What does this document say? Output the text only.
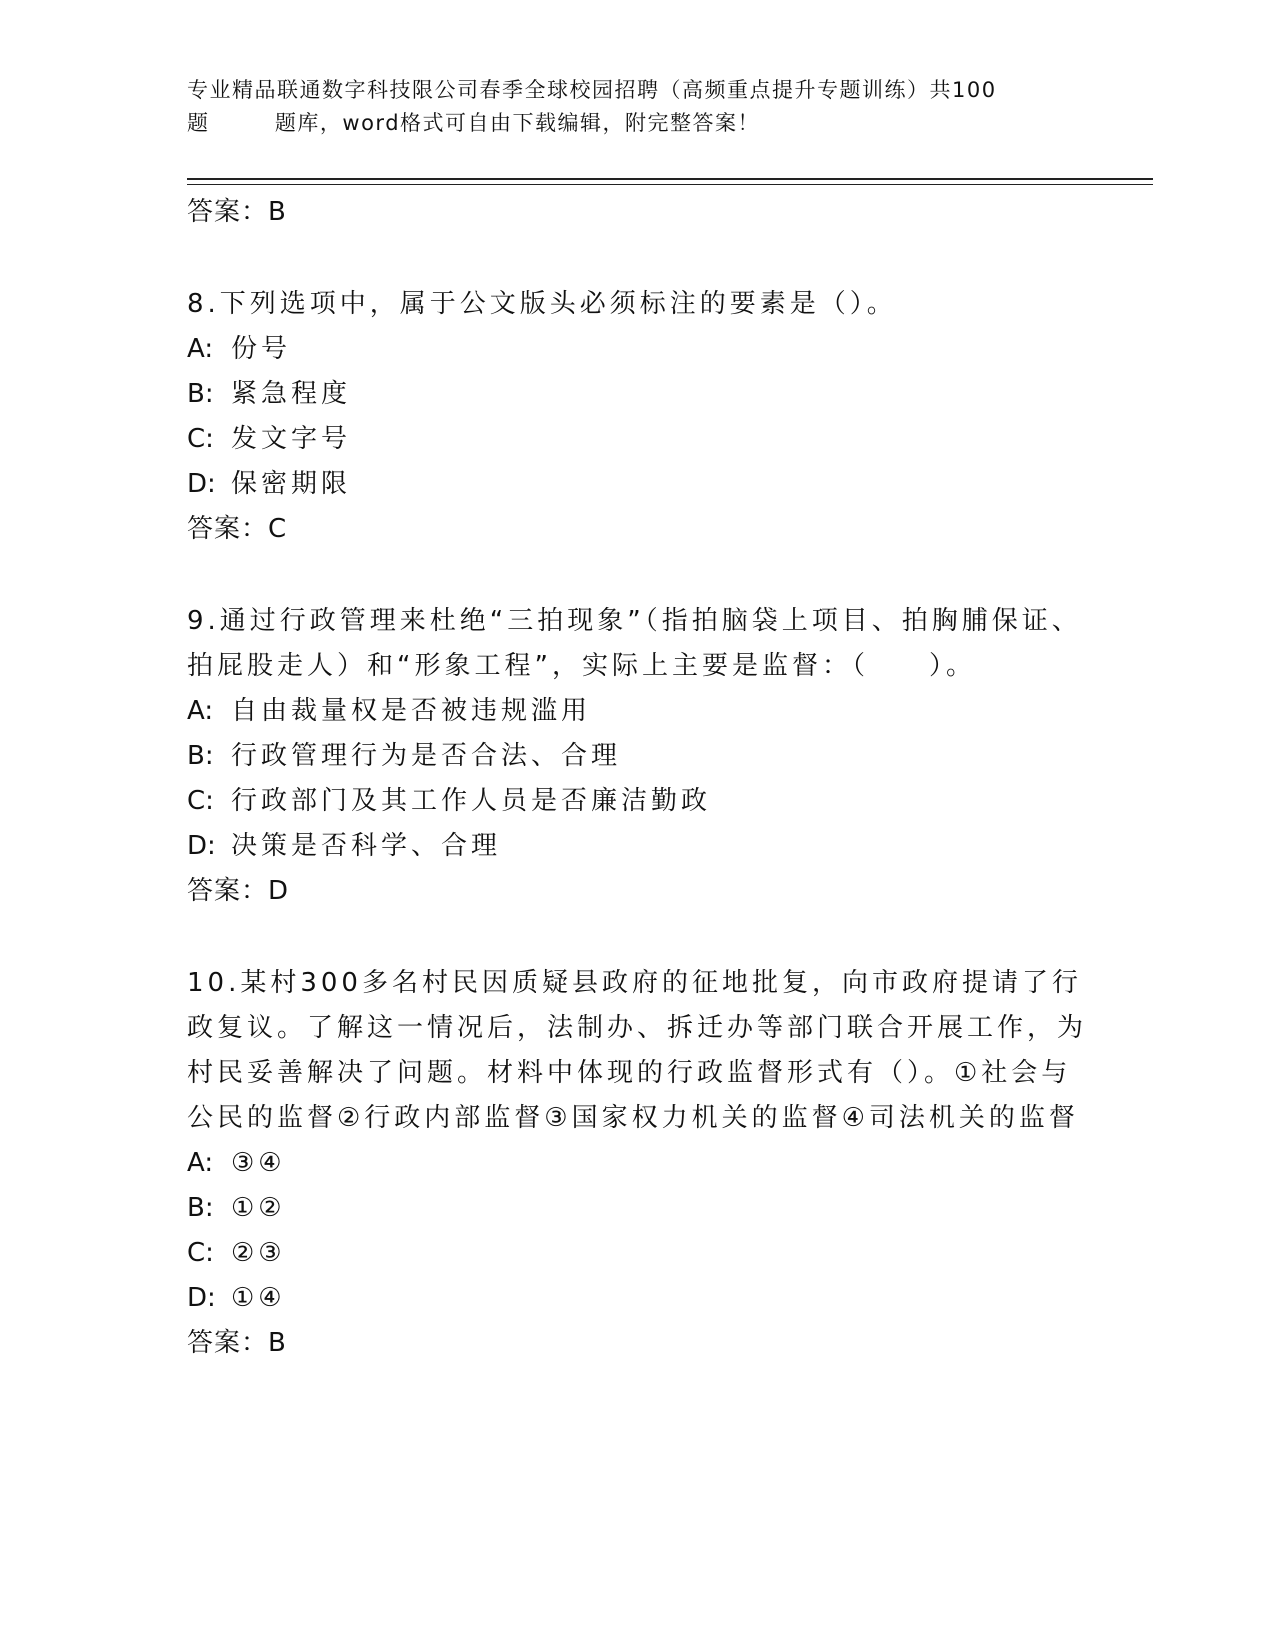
专业精品联通数字科技限公司春季全球校园招聘（高频重点提升专题训练）共100
题        题库，word格式可自由下载编辑，附完整答案！
答案：B
8.下列选项中，属于公文版头必须标注的要素是（）。
A: 份号
B: 紧急程度
C: 发文字号
D: 保密期限
答案：C
9.通过行政管理来杜绝“三拍现象”（指拍脑袋上项目、拍胸脯保证、拍屁股走人）和“形象工程”，实际上主要是监督：（　　）。
A: 自由裁量权是否被违规滥用
B: 行政管理行为是否合法、合理
C: 行政部门及其工作人员是否廉洁勤政
D: 决策是否科学、合理
答案：D
10.某村300多名村民因质疑县政府的征地批复，向市政府提请了行政复议。了解这一情况后，法制办、拆迁办等部门联合开展工作，为村民妥善解决了问题。材料中体现的行政监督形式有（）。①社会与公民的监督②行政内部监督③国家权力机关的监督④司法机关的监督
A: ③④
B: ①②
C: ②③
D: ①④
答案：B
